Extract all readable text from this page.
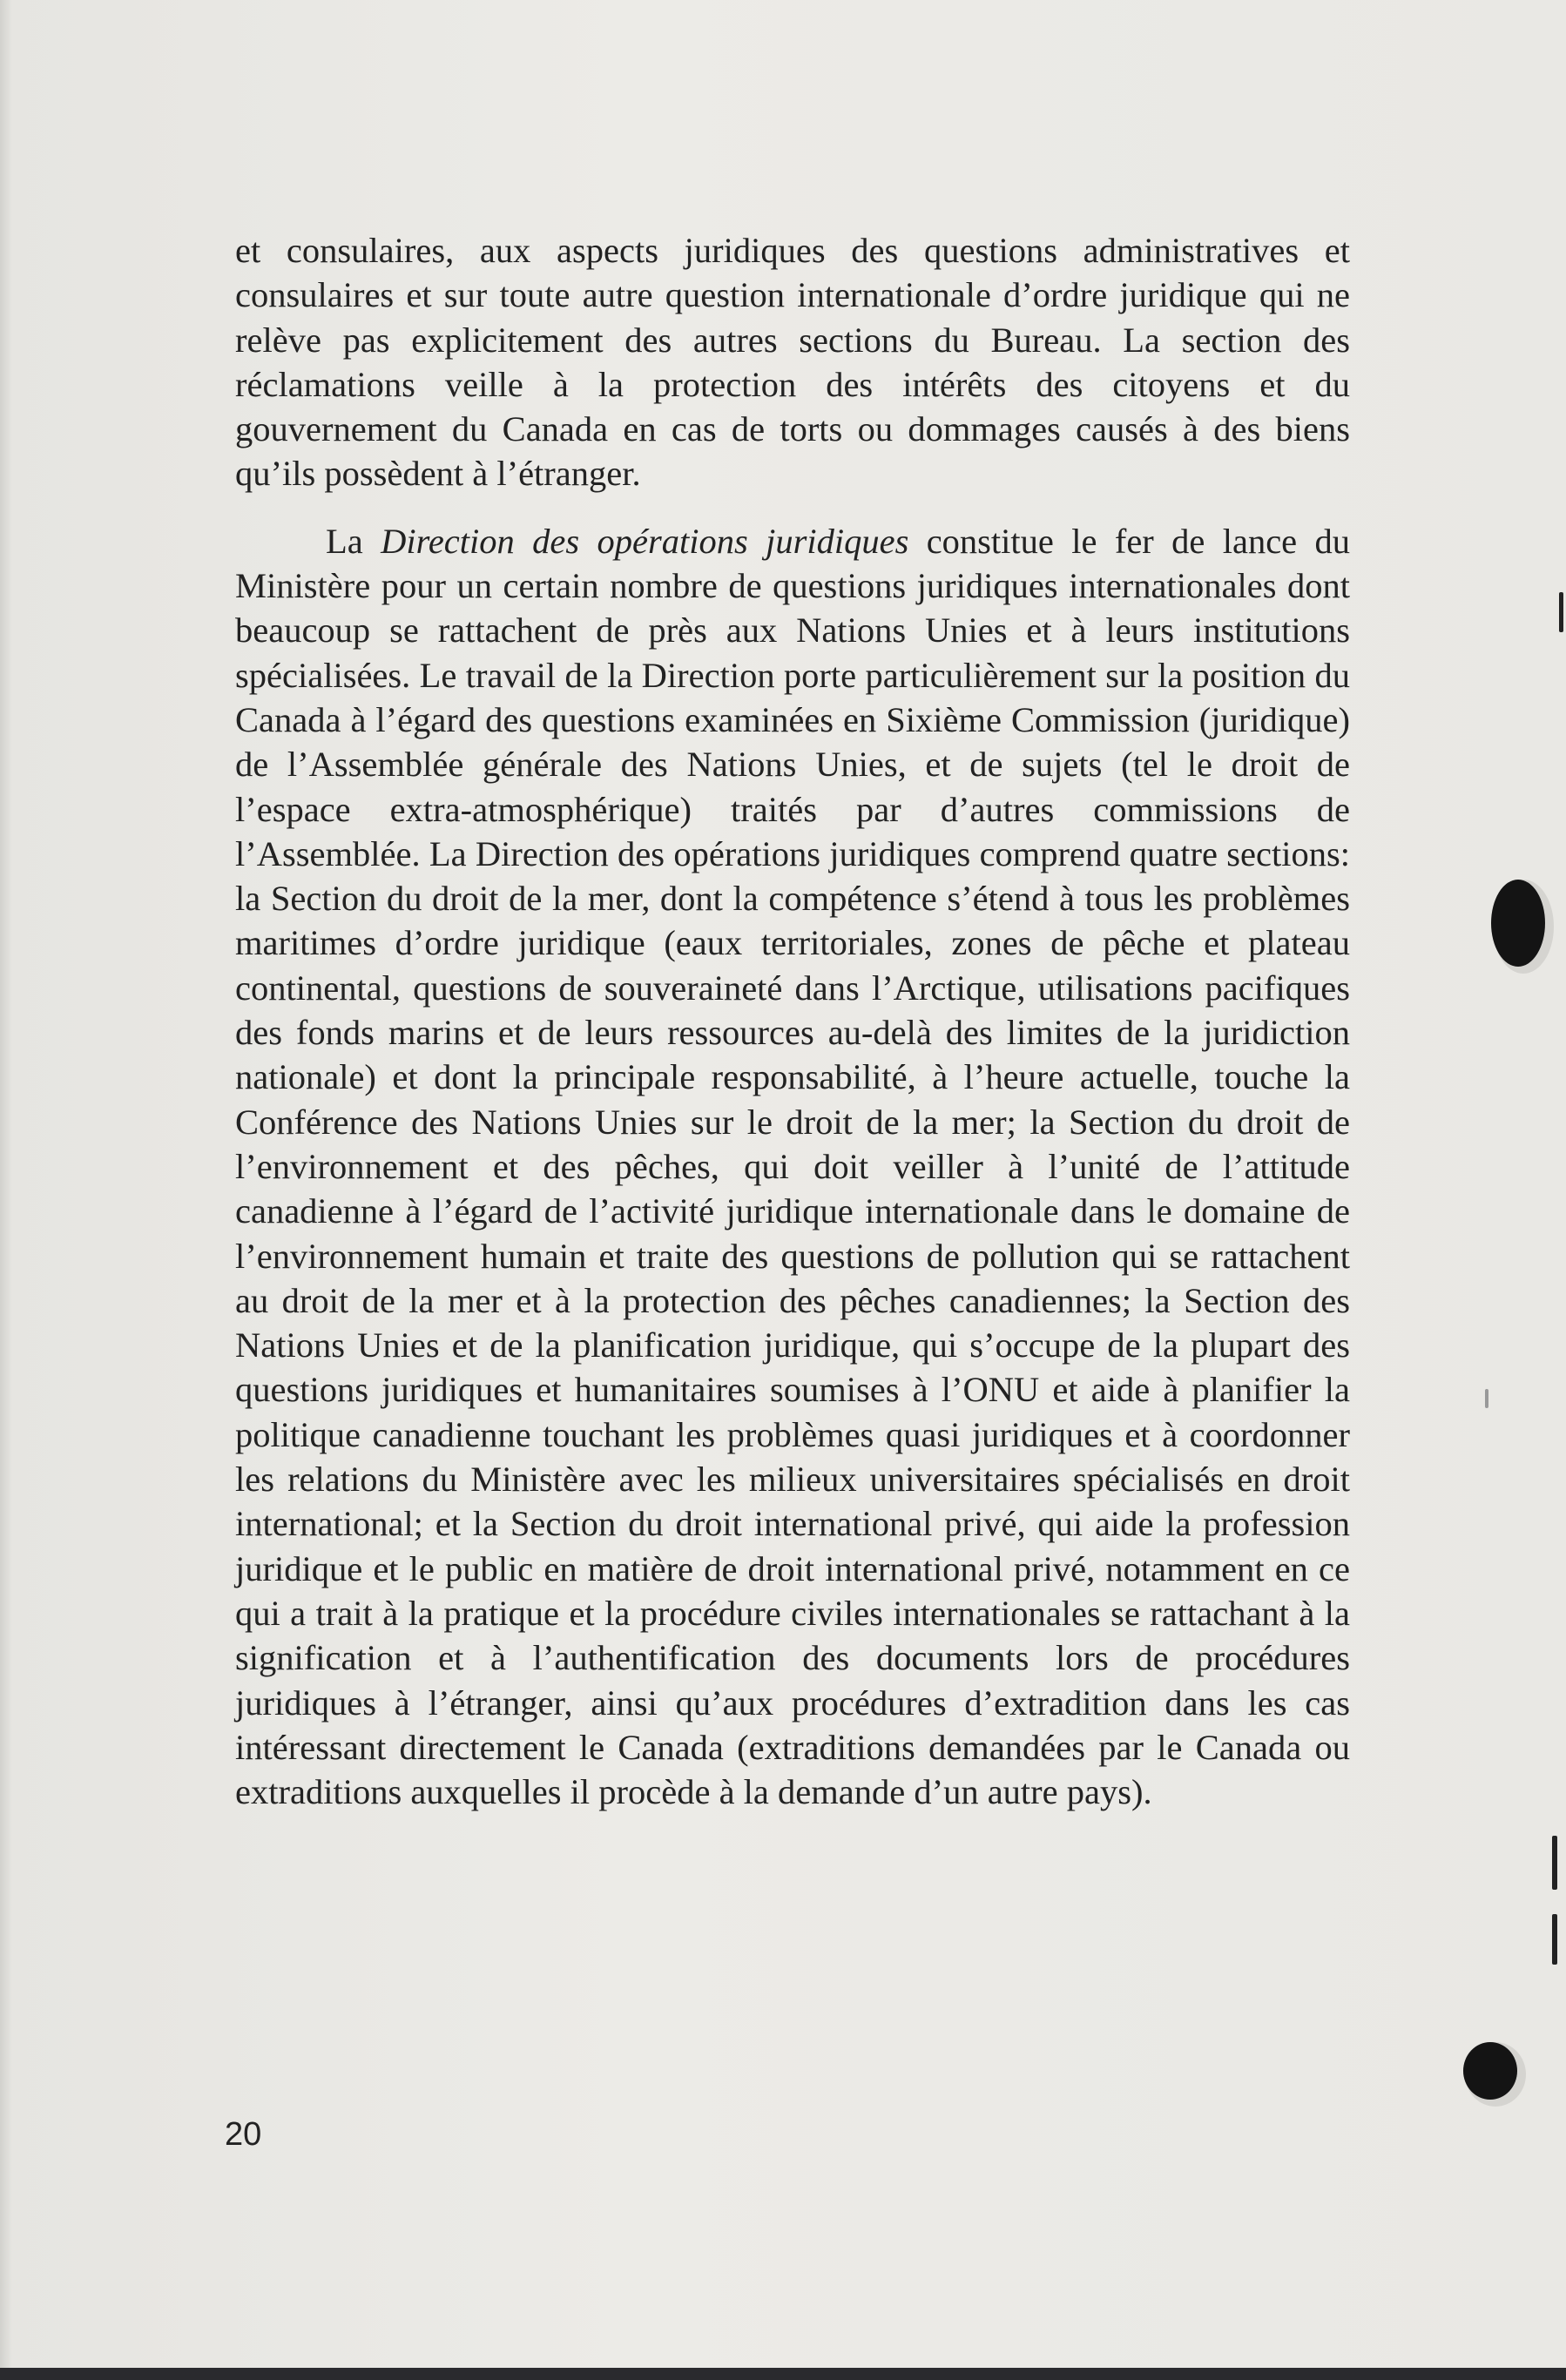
et consulaires, aux aspects juridiques des questions administratives et consulaires et sur toute autre question internationale d’ordre juridique qui ne relève pas explicitement des autres sections du Bureau. La section des réclamations veille à la protection des intérêts des citoyens et du gouvernement du Canada en cas de torts ou dommages causés à des biens qu’ils possèdent à l’étranger.

La Direction des opérations juridiques constitue le fer de lance du Ministère pour un certain nombre de questions juridiques internationales dont beaucoup se rattachent de près aux Nations Unies et à leurs institutions spécialisées. Le travail de la Direction porte particulièrement sur la position du Canada à l’égard des questions examinées en Sixième Commission (juridique) de l’Assemblée générale des Nations Unies, et de sujets (tel le droit de l’espace extra-atmosphérique) traités par d’autres commissions de l’Assemblée. La Direction des opérations juridiques comprend quatre sections: la Section du droit de la mer, dont la compétence s’étend à tous les problèmes maritimes d’ordre juridique (eaux territoriales, zones de pêche et plateau continental, questions de souveraineté dans l’Arctique, utilisations pacifiques des fonds marins et de leurs ressources au-delà des limites de la juridiction nationale) et dont la principale responsabilité, à l’heure actuelle, touche la Conférence des Nations Unies sur le droit de la mer; la Section du droit de l’environnement et des pêches, qui doit veiller à l’unité de l’attitude canadienne à l’égard de l’activité juridique internationale dans le domaine de l’environnement humain et traite des questions de pollution qui se rattachent au droit de la mer et à la protection des pêches canadiennes; la Section des Nations Unies et de la planification juridique, qui s’occupe de la plupart des questions juridiques et humanitaires soumises à l’ONU et aide à planifier la politique canadienne touchant les problèmes quasi juridiques et à coordonner les relations du Ministère avec les milieux universitaires spécialisés en droit international; et la Section du droit international privé, qui aide la profession juridique et le public en matière de droit international privé, notamment en ce qui a trait à la pratique et la procédure civiles internationales se rattachant à la signification et à l’authentification des documents lors de procédures juridiques à l’étranger, ainsi qu’aux procédures d’extradition dans les cas intéressant directement le Canada (extraditions demandées par le Canada ou extraditions auxquelles il procède à la demande d’un autre pays).

20
